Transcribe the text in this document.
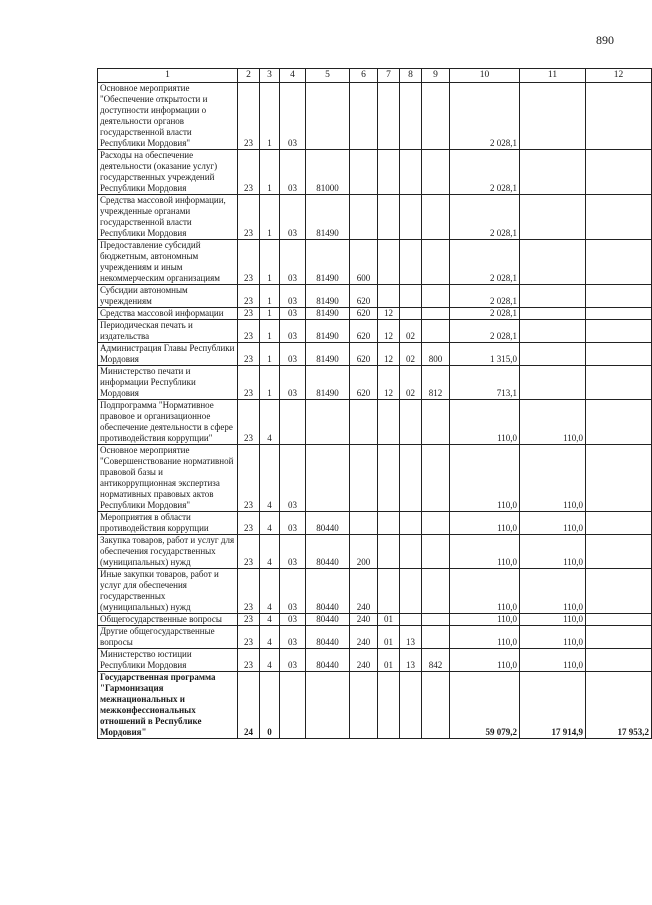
890
1	2	3	4	5	6	7	8	9	10	11	12
Основное мероприятие "Обеспечение открытости и доступности информации о деятельности органов государственной власти Республики Мордовия"	23	1	03						2 028,1		
Расходы на обеспечение деятельности (оказание услуг) государственных учреждений Республики Мордовия	23	1	03	81000					2 028,1		
Средства массовой информации, учрежденные органами государственной власти Республики Мордовия	23	1	03	81490					2 028,1		
Предоставление субсидий бюджетным, автономным учреждениям и иным некоммерческим организациям	23	1	03	81490	600				2 028,1		
Субсидии автономным учреждениям	23	1	03	81490	620				2 028,1		
Средства массовой информации	23	1	03	81490	620	12			2 028,1		
Периодическая печать и издательства	23	1	03	81490	620	12	02		2 028,1		
Администрация Главы Республики Мордовия	23	1	03	81490	620	12	02	800	1 315,0		
Министерство печати и информации Республики Мордовия	23	1	03	81490	620	12	02	812	713,1		
Подпрограмма "Нормативное правовое и организационное обеспечение деятельности в сфере противодействия коррупции"	23	4							110,0	110,0	
Основное мероприятие "Совершенствование нормативной правовой базы и антикоррупционная экспертиза нормативных правовых актов Республики Мордовия"	23	4	03						110,0	110,0	
Мероприятия в области противодействия коррупции	23	4	03	80440					110,0	110,0	
Закупка товаров, работ и услуг для обеспечения государственных (муниципальных) нужд	23	4	03	80440	200				110,0	110,0	
Иные закупки товаров, работ и услуг для обеспечения государственных (муниципальных) нужд	23	4	03	80440	240				110,0	110,0	
Общегосударственные вопросы	23	4	03	80440	240	01			110,0	110,0	
Другие общегосударственные вопросы	23	4	03	80440	240	01	13		110,0	110,0	
Министерство юстиции Республики Мордовия	23	4	03	80440	240	01	13	842	110,0	110,0	
Государственная программа "Гармонизация межнациональных и межконфессиональных отношений в Республике Мордовия"	24	0							59 079,2	17 914,9	17 953,2
